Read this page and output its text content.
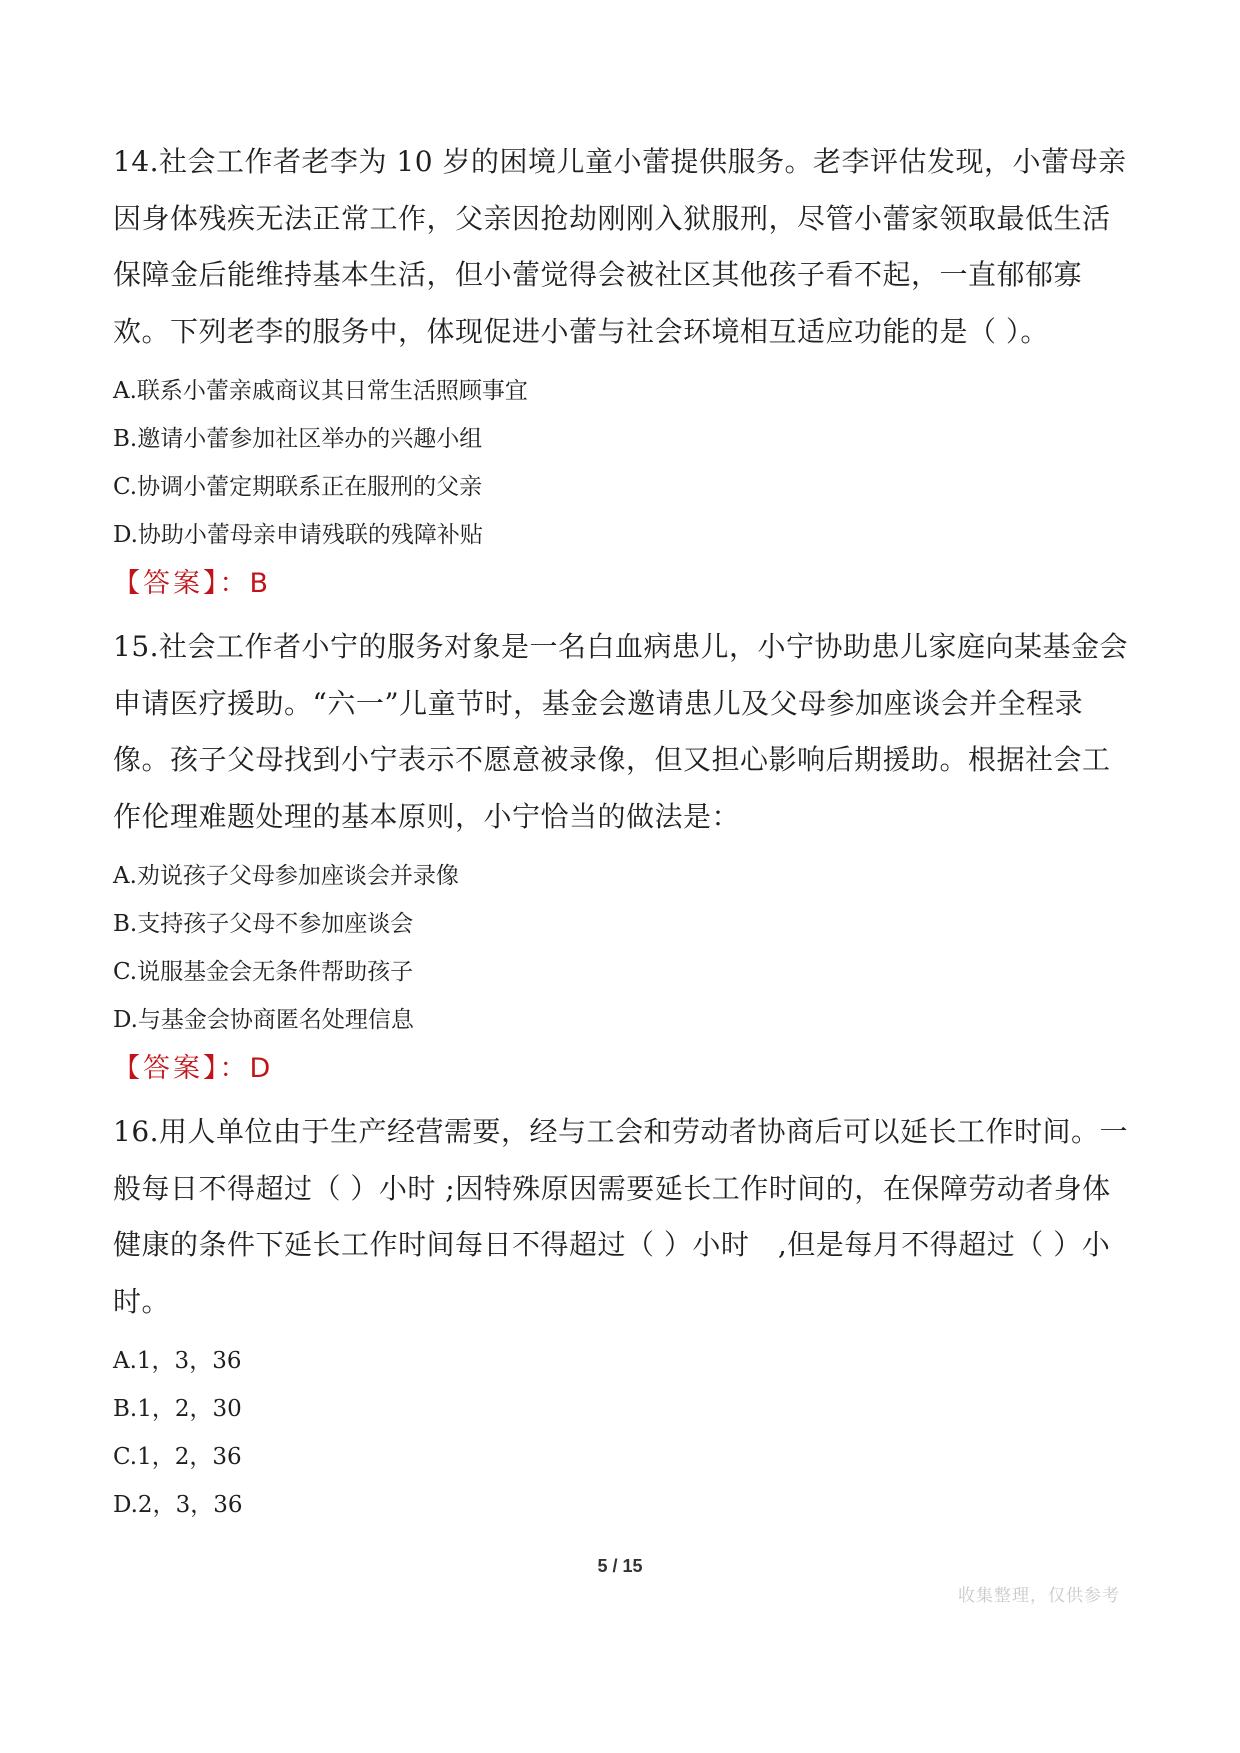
14.社会工作者老李为 10 岁的困境儿童小蕾提供服务。老李评估发现，小蕾母亲因身体残疾无法正常工作，父亲因抢劫刚刚入狱服刑，尽管小蕾家领取最低生活保障金后能维持基本生活，但小蕾觉得会被社区其他孩子看不起，一直郁郁寡欢。下列老李的服务中，体现促进小蕾与社会环境相互适应功能的是（ ）。

A.联系小蕾亲戚商议其日常生活照顾事宜

B.邀请小蕾参加社区举办的兴趣小组

C.协调小蕾定期联系正在服刑的父亲

D.协助小蕾母亲申请残联的残障补贴

【答案】：B

15.社会工作者小宁的服务对象是一名白血病患儿，小宁协助患儿家庭向某基金会申请医疗援助。“六一”儿童节时，基金会邀请患儿及父母参加座谈会并全程录像。孩子父母找到小宁表示不愿意被录像，但又担心影响后期援助。根据社会工作伦理难题处理的基本原则，小宁恰当的做法是：

A.劝说孩子父母参加座谈会并录像

B.支持孩子父母不参加座谈会

C.说服基金会无条件帮助孩子

D.与基金会协商匿名处理信息

【答案】：D

16.用人单位由于生产经营需要，经与工会和劳动者协商后可以延长工作时间。一般每日不得超过（ ）小时 ;因特殊原因需要延长工作时间的，在保障劳动者身体健康的条件下延长工作时间每日不得超过（ ）小时　,但是每月不得超过（ ）小时。

A.1，3，36

B.1，2，30

C.1，2，36

D.2，3，36

5 / 15
收集整理，仅供参考
